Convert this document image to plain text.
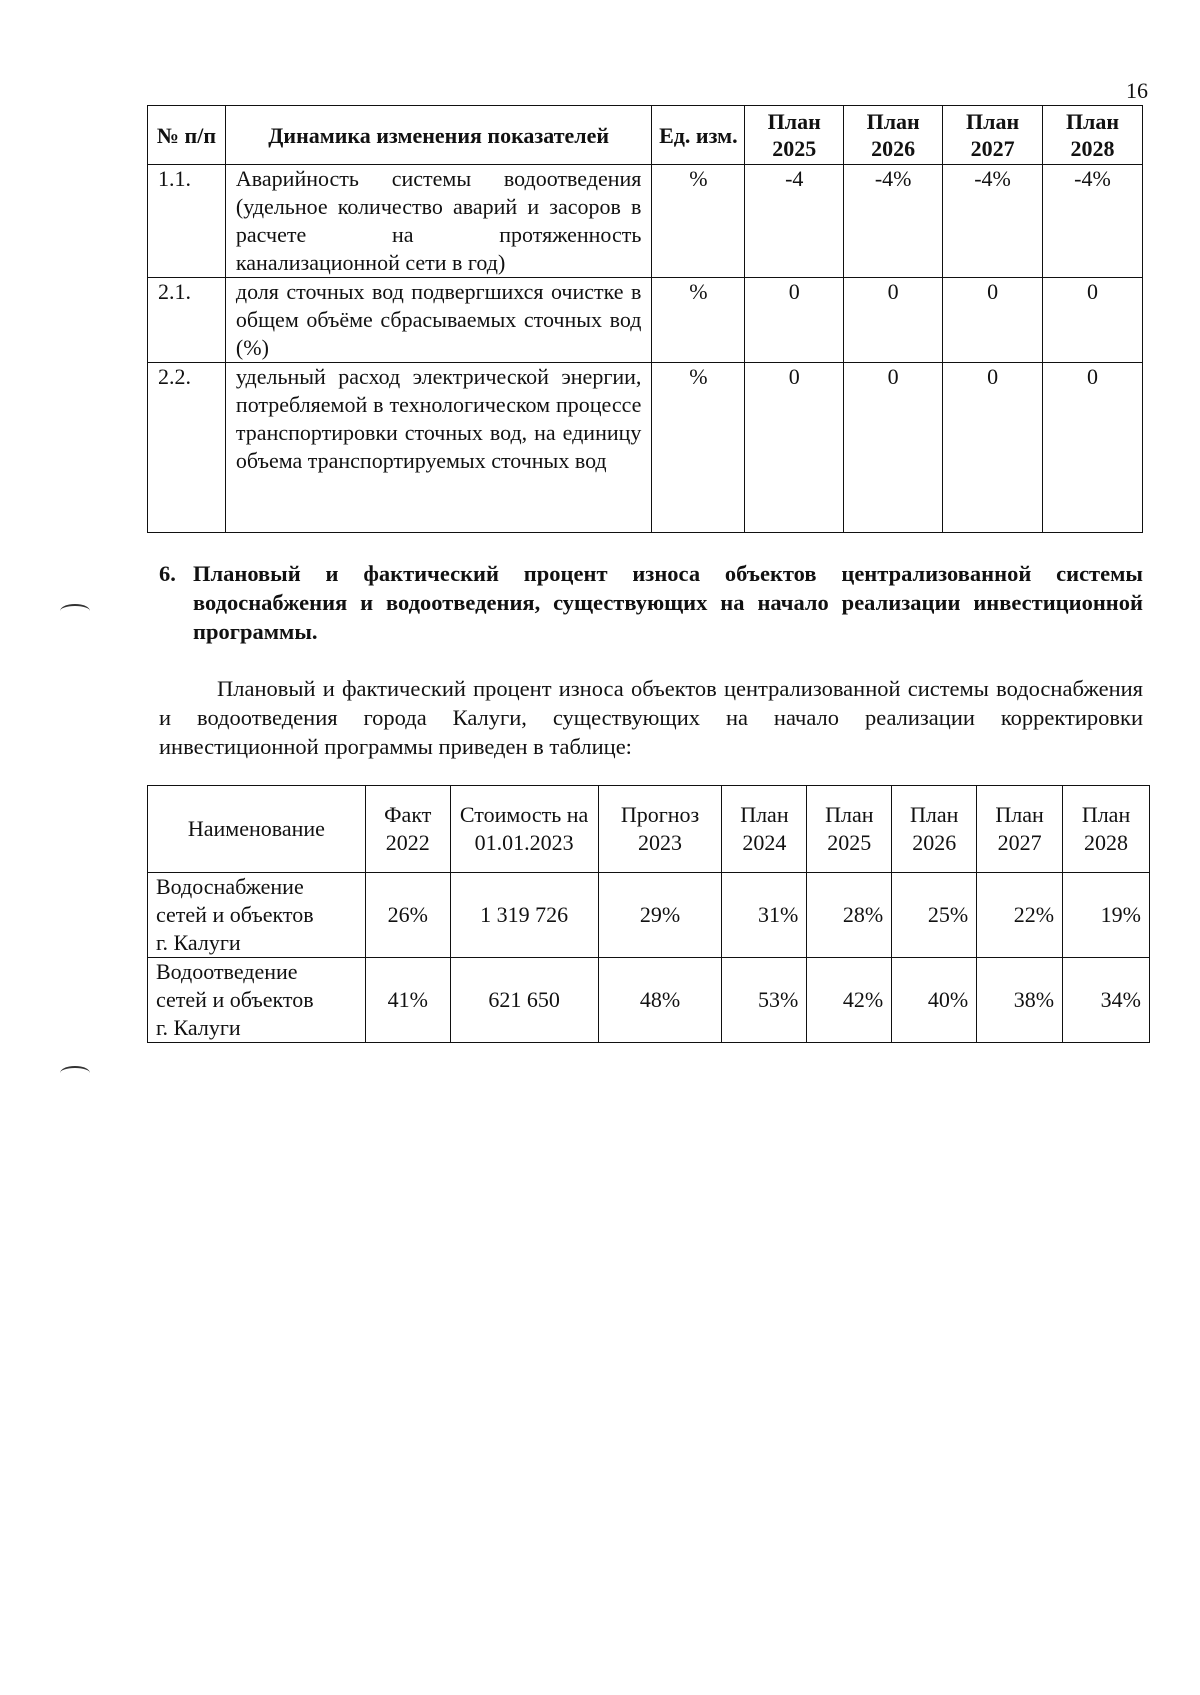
16
№ п/п	Динамика изменения показателей	Ед. изм.	План 2025	План 2026	План 2027	План 2028
1.1.	Аварийность системы водоотведения (удельное количество аварий и засоров в расчете на протяженность канализационной сети в год)	%	-4	-4%	-4%	-4%
2.1.	доля сточных вод подвергшихся очистке в общем объёме сбрасываемых сточных вод (%)	%	0	0	0	0
2.2.	удельный расход электрической энергии, потребляемой в технологическом процессе транспортировки сточных вод, на единицу объема транспортируемых сточных вод	%	0	0	0	0
6. Плановый и фактический процент износа объектов централизованной системы водоснабжения и водоотведения, существующих на начало реализации инвестиционной программы.
Плановый и фактический процент износа объектов централизованной системы водоснабжения и водоотведения города Калуги, существующих на начало реализации корректировки инвестиционной программы приведен в таблице:
Наименование	Факт 2022	Стоимость на 01.01.2023	Прогноз 2023	План 2024	План 2025	План 2026	План 2027	План 2028
Водоснабжение
сетей и объектов
г. Калуги	26%	1 319 726	29%	31%	28%	25%	22%	19%
Водоотведение
сетей и объектов
г. Калуги	41%	621 650	48%	53%	42%	40%	38%	34%
